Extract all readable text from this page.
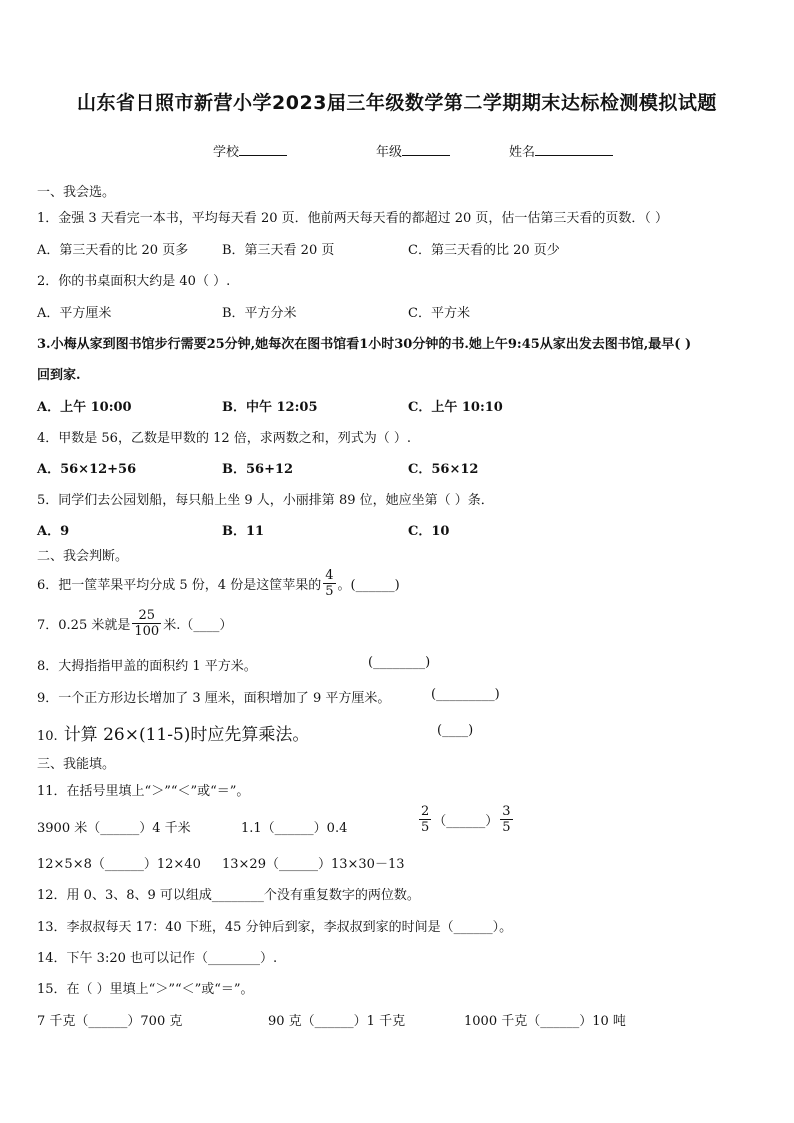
山东省日照市新营小学2023届三年级数学第二学期期末达标检测模拟试题
学校	年级	姓名
一、我会选。
1．金强 3 天看完一本书，平均每天看 20 页．他前两天每天看的都超过 20 页，估一估第三天看的页数．（ ）
A．第三天看的比 20 页多	B．第三天看 20 页	C．第三天看的比 20 页少
2．你的书桌面积大约是 40（ ）.
A．平方厘米	B．平方分米	C．平方米
3.小梅从家到图书馆步行需要25分钟,她每次在图书馆看1小时30分钟的书.她上午9:45从家出发去图书馆,最早( )
回到家.
A．上午 10:00	B．中午 12:05	C．上午 10:10
4．甲数是 56，乙数是甲数的 12 倍，求两数之和，列式为（ ）.
A．56×12+56	B．56+12	C．56×12
5．同学们去公园划船，每只船上坐 9 人，小丽排第 89 位，她应坐第（ ）条．
A．9	B．11	C．10
二、我会判断。
6．把一筐苹果平均分成 5 份，4 份是这筐苹果的 $\frac{4}{5}$ 。(______)
7．0.25 米就是 $\frac{25}{100}$ 米.（____）
8．大拇指指甲盖的面积约 1 平方米。	(________)
9．一个正方形边长增加了 3 厘米，面积增加了 9 平方厘米。	(_________)
10. 计算 26×(11-5)时应先算乘法。	(____)
三、我能填。
11．在括号里填上“＞”“＜”或“＝”。
3900 米（______）4 千米	1.1（______）0.4	$\frac{2}{5}$ （______） $\frac{3}{5}$
12×5×8（______）12×40 13×29（______）13×30－13
12．用 0、3、8、9 可以组成________个没有重复数字的两位数。
13．李叔叔每天 17：40 下班，45 分钟后到家，李叔叔到家的时间是（______）。
14．下午 3:20 也可以记作（________）.
15．在（ ）里填上“＞”“＜”或“＝”。
7 千克（______）700 克	90 克（______）1 千克	1000 千克（______）10 吨
